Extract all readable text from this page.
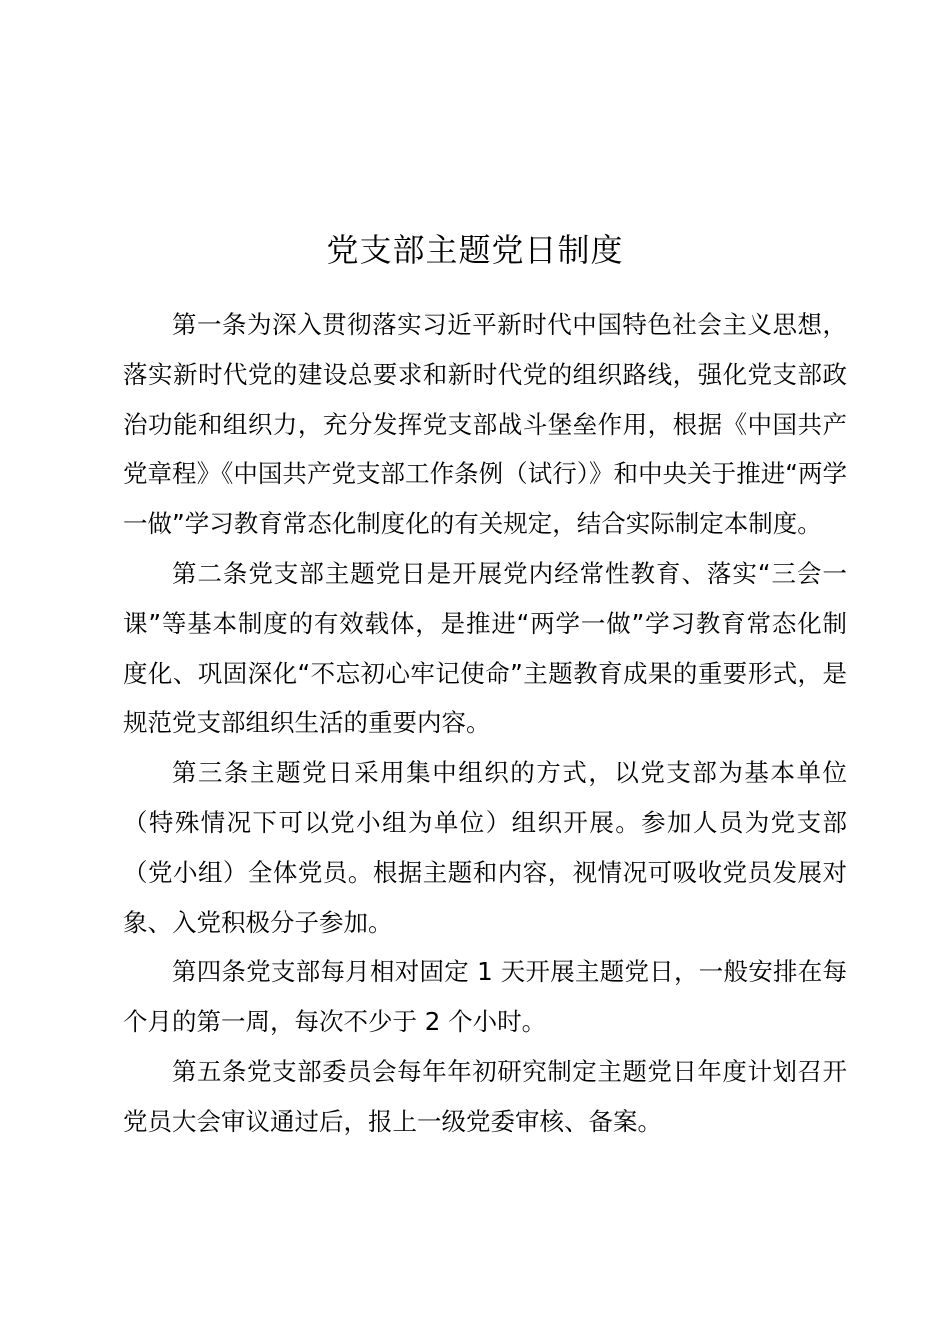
党支部主题党日制度

第一条为深入贯彻落实习近平新时代中国特色社会主义思想，落实新时代党的建设总要求和新时代党的组织路线，强化党支部政治功能和组织力，充分发挥党支部战斗堡垒作用，根据《中国共产党章程》《中国共产党支部工作条例（试行）》和中央关于推进“两学一做”学习教育常态化制度化的有关规定，结合实际制定本制度。

第二条党支部主题党日是开展党内经常性教育、落实“三会一课”等基本制度的有效载体，是推进“两学一做”学习教育常态化制度化、巩固深化“不忘初心牢记使命”主题教育成果的重要形式，是规范党支部组织生活的重要内容。

第三条主题党日采用集中组织的方式，以党支部为基本单位（特殊情况下可以党小组为单位）组织开展。参加人员为党支部（党小组）全体党员。根据主题和内容，视情况可吸收党员发展对象、入党积极分子参加。

第四条党支部每月相对固定 1 天开展主题党日，一般安排在每个月的第一周，每次不少于 2 个小时。

第五条党支部委员会每年年初研究制定主题党日年度计划召开党员大会审议通过后，报上一级党委审核、备案。
